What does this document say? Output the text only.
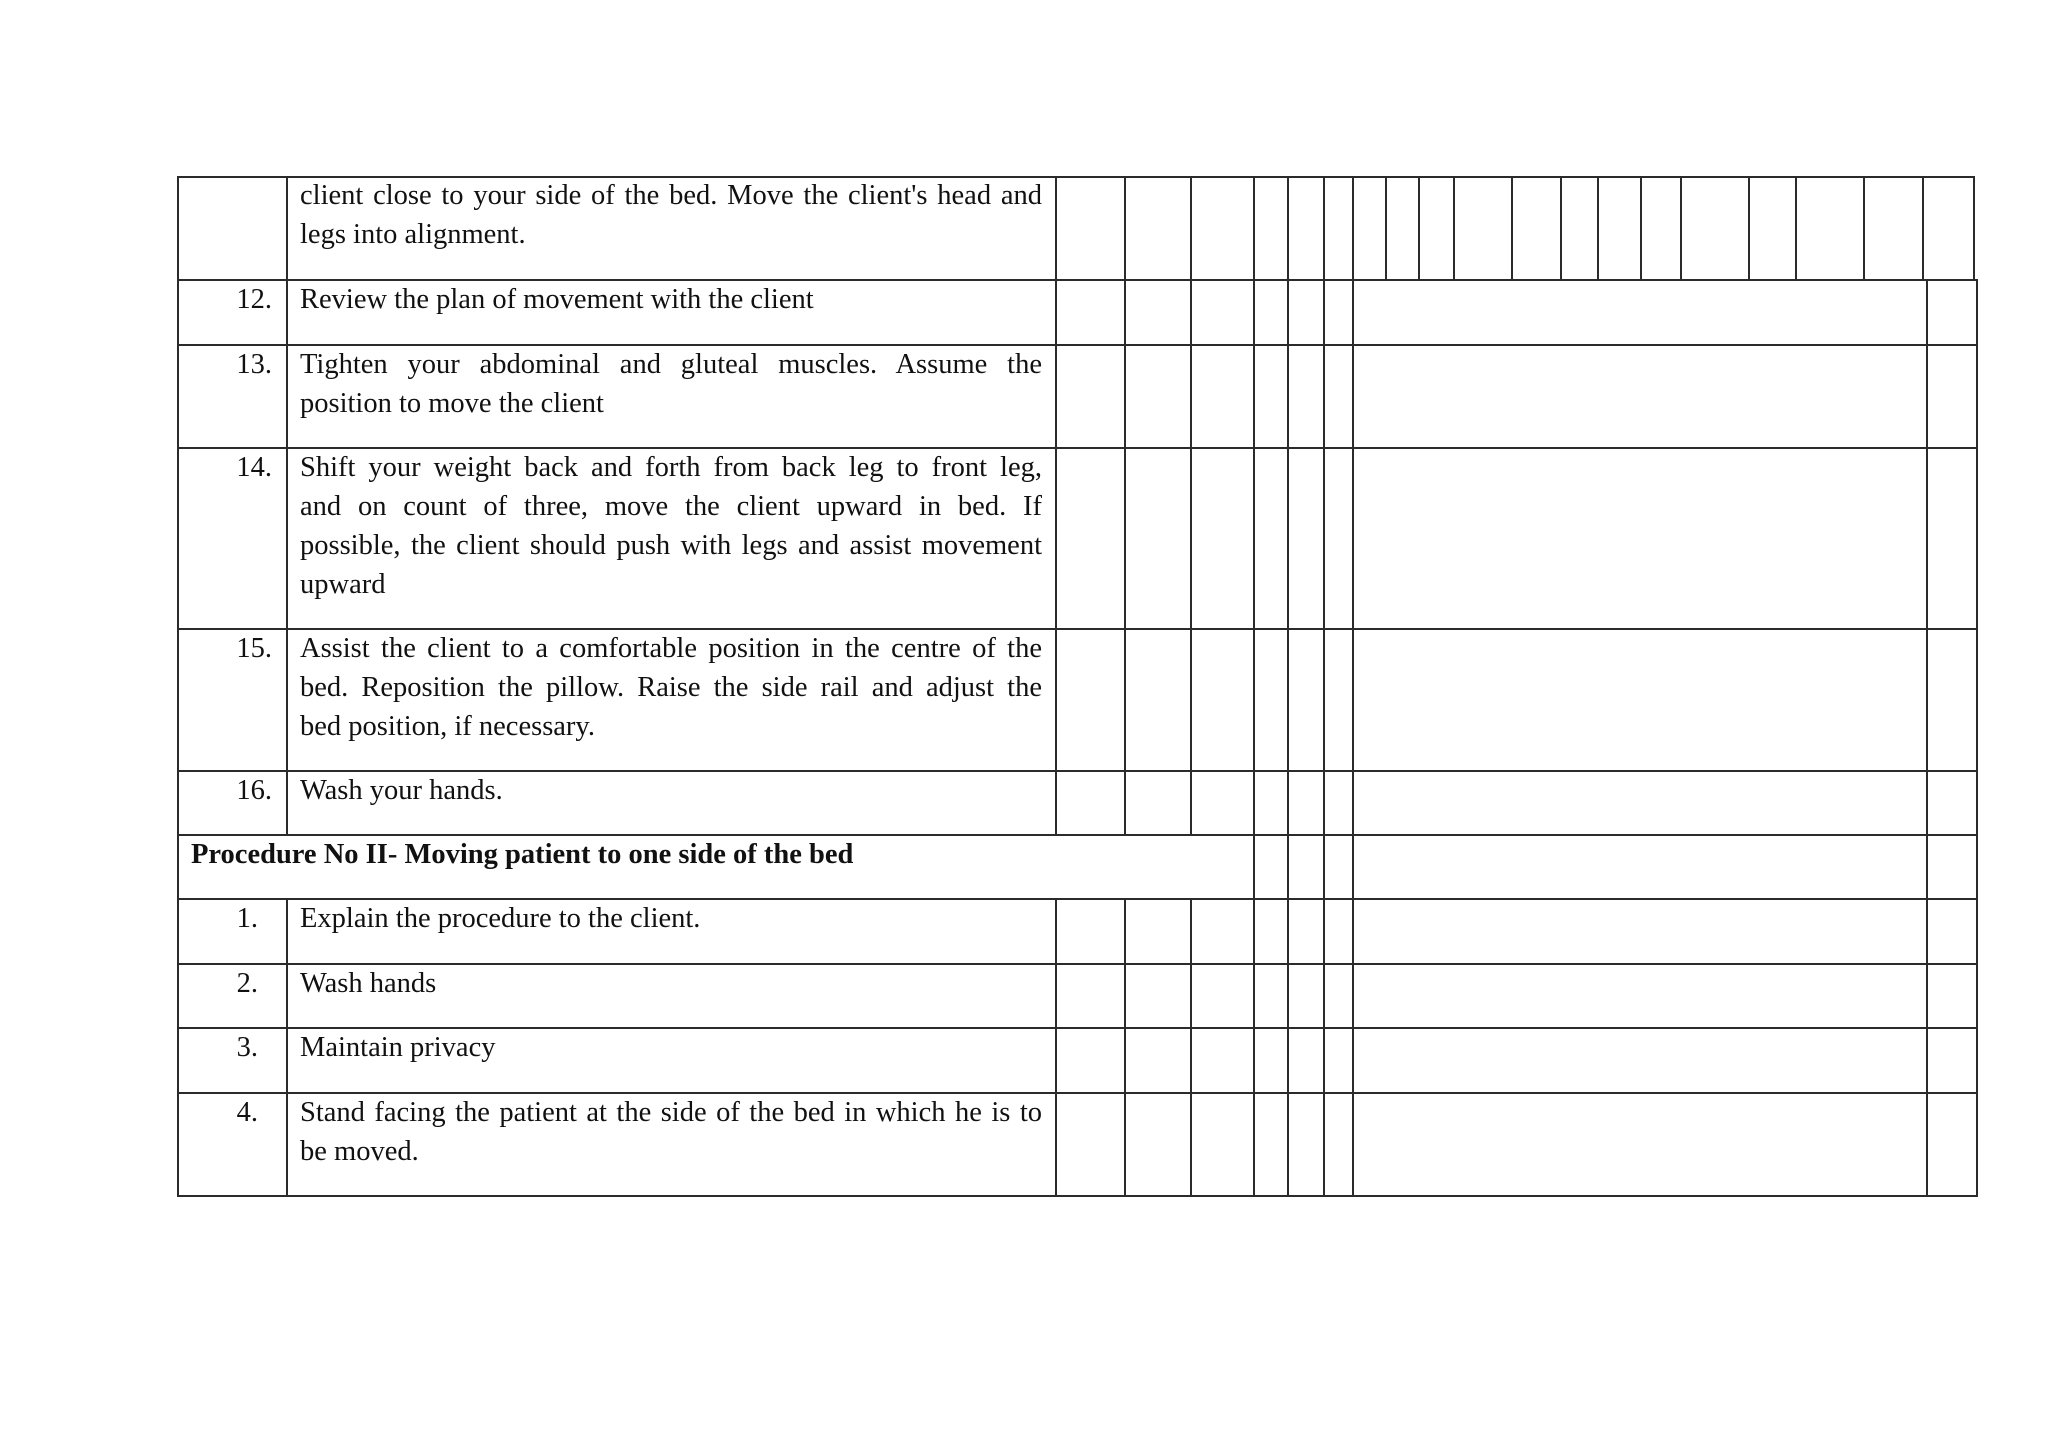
client close to your side of the bed. Move the client's head and
legs into alignment.
12. Review the plan of movement with the client
13. Tighten your abdominal and gluteal muscles. Assume the
position to move the client
14. Shift your weight back and forth from back leg to front leg,
and on count of three, move the client upward in bed. If
possible, the client should push with legs and assist movement
upward
15. Assist the client to a comfortable position in the centre of the
bed. Reposition the pillow. Raise the side rail and adjust the
bed position, if necessary.
16. Wash your hands.
Procedure No II- Moving patient to one side of the bed
1. Explain the procedure to the client.
2. Wash hands
3. Maintain privacy
4. Stand facing the patient at the side of the bed in which he is to
be moved.
